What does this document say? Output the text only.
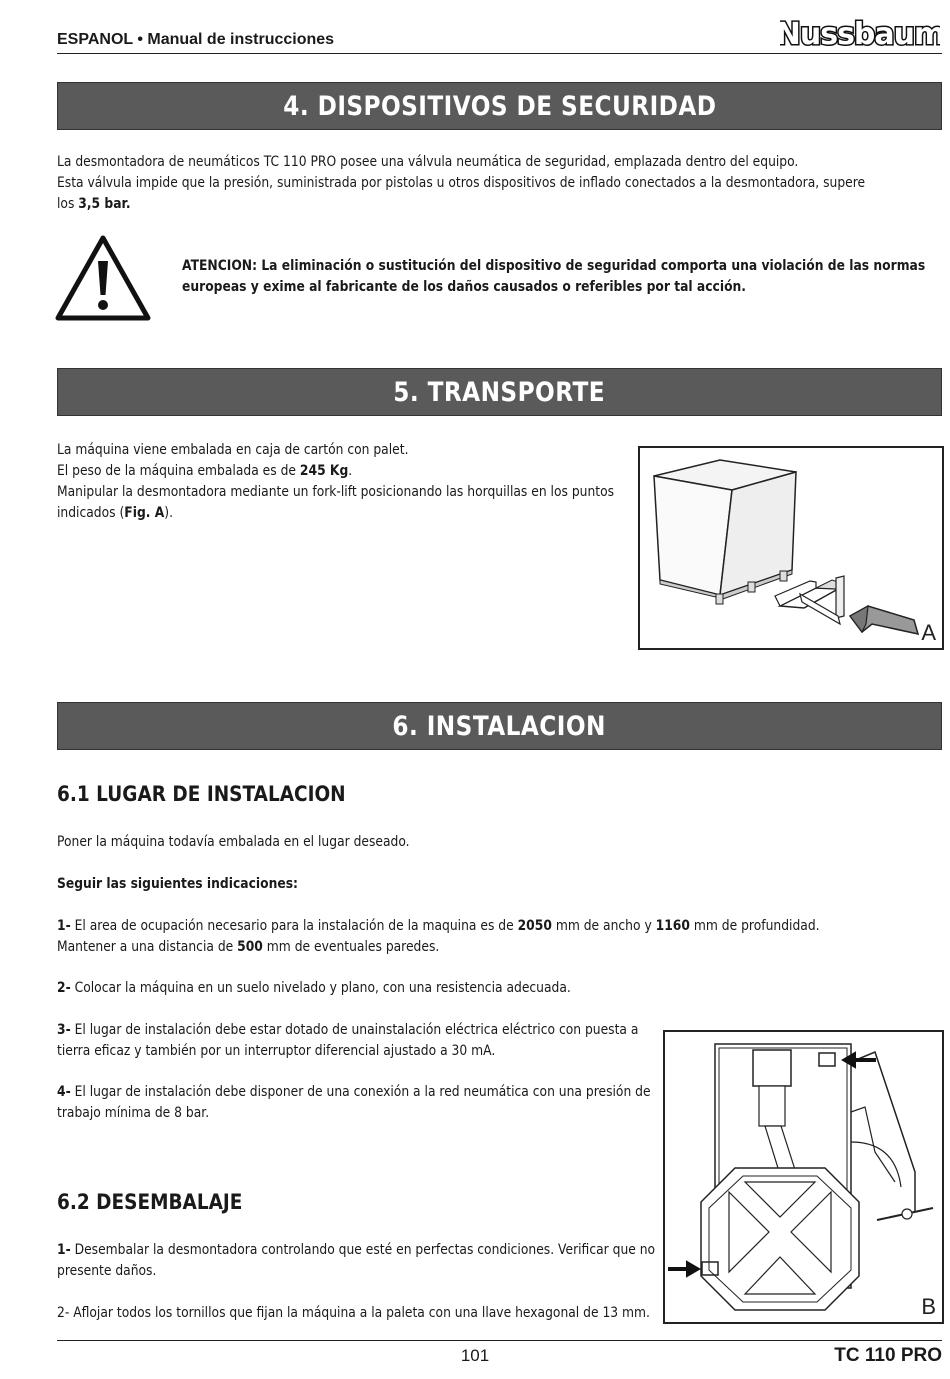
ESPANOL • Manual de instrucciones	Nussbaum
4. DISPOSITIVOS DE SECURIDAD
La desmontadora de neumáticos TC 110 PRO posee una válvula neumática de seguridad, emplazada dentro del equipo.
Esta válvula impide que la presión, suministrada por pistolas u otros dispositivos de inflado conectados a la desmontadora, supere
los 3,5 bar.
ATENCION: La eliminación o sustitución del dispositivo de seguridad comporta una violación de las normas
europeas y exime al fabricante de los daños causados o referibles por tal acción.
5. TRANSPORTE
La máquina viene embalada en caja de cartón con palet.
El peso de la máquina embalada es de 245 Kg.
Manipular la desmontadora mediante un fork-lift posicionando las horquillas en los puntos
indicados (Fig. A).
A
6. INSTALACION
6.1 LUGAR DE INSTALACION
Poner la máquina todavía embalada en el lugar deseado.
Seguir las siguientes indicaciones:
1- El area de ocupación necesario para la instalación de la maquina es de 2050 mm de ancho y 1160 mm de profundidad.
Mantener a una distancia de 500 mm de eventuales paredes.
2- Colocar la máquina en un suelo nivelado y plano, con una resistencia adecuada.
3- El lugar de instalación debe estar dotado de unainstalación eléctrica eléctrico con puesta a
tierra eficaz y también por un interruptor diferencial ajustado a 30 mA.
4- El lugar de instalación debe disponer de una conexión a la red neumática con una presión de
trabajo mínima de 8 bar.
6.2 DESEMBALAJE
1- Desembalar la desmontadora controlando que esté en perfectas condiciones. Verificar que no
presente daños.
2- Aflojar todos los tornillos que fijan la máquina a la paleta con una llave hexagonal de 13 mm.	B
101	TC 110 PRO
